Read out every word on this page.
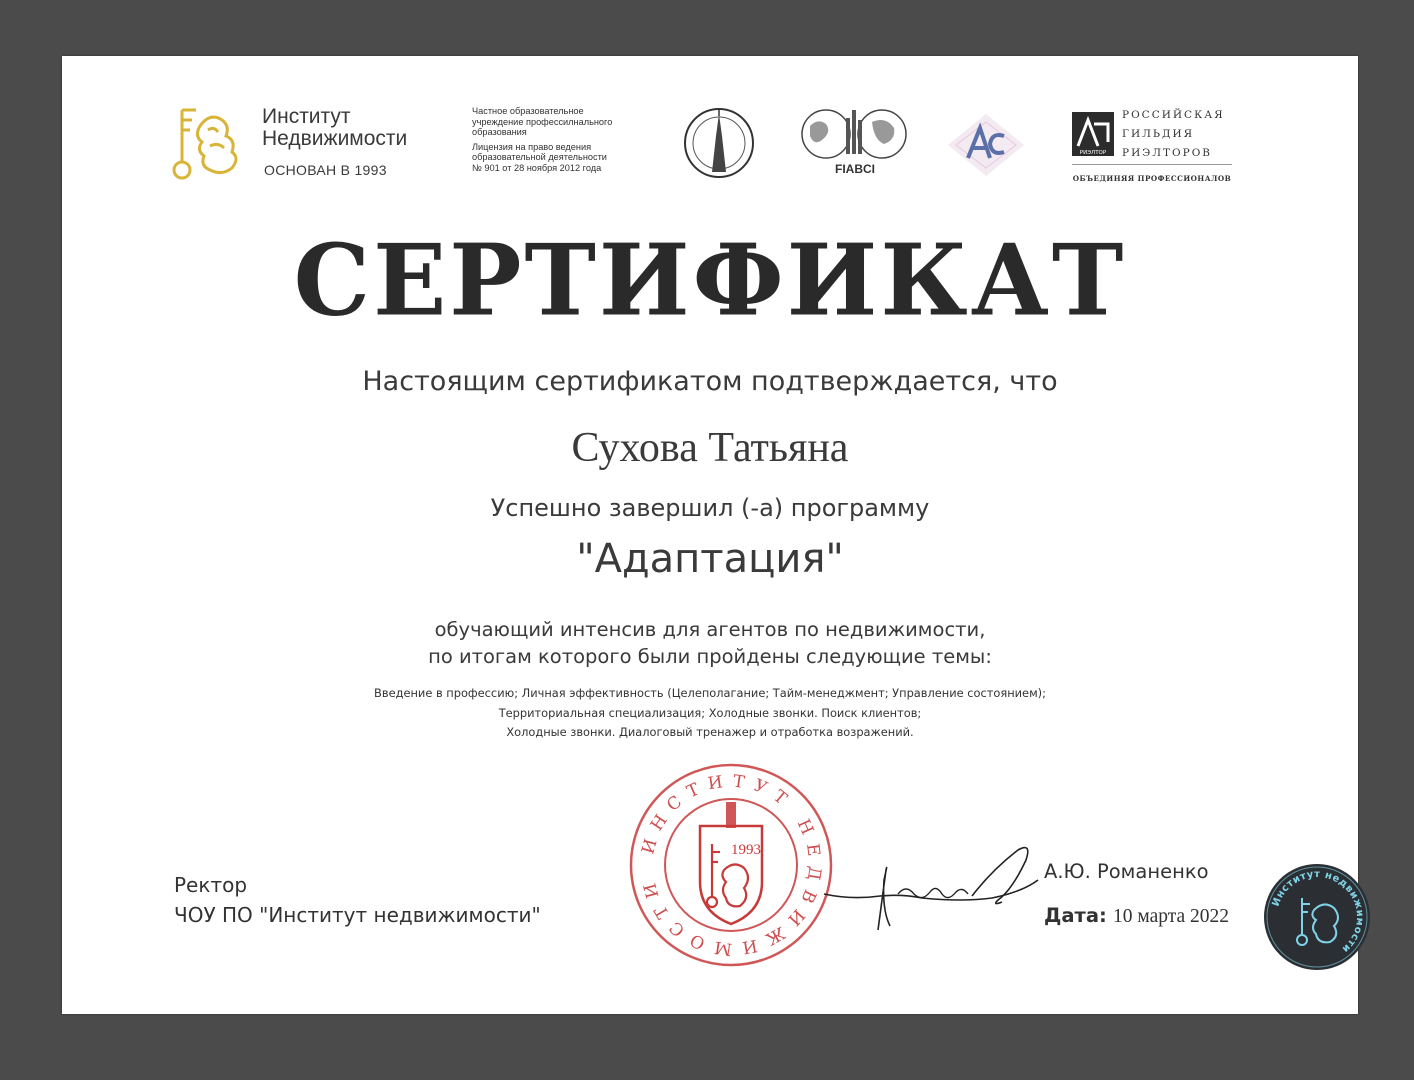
Институт
Недвижимости
ОСНОВАН В 1993
Частное образовательное
учреждение профессилнального
образования
Лицензия на право ведения
образовательной деятельности
№ 901 от 28 ноября 2012 года	FIABCI
РИЭЛТОР
РОССИЙСКАЯ
ГИЛЬДИЯ
РИЭЛТОРОВ
ОБЪЕДИНЯЯ ПРОФЕССИОНАЛОВ
СЕРТИФИКАТ
Настоящим сертификатом подтверждается, что
Сухова Татьяна
Успешно завершил (-а) программу
"Адаптация"
обучающий интенсив для агентов по недвижимости,
по итогам которого были пройдены следующие темы:
Введение в профессию; Личная эффективность (Целеполагание; Тайм-менеджмент; Управление состоянием);
Территориальная специализация; Холодные звонки. Поиск клиентов;
Холодные звонки. Диалоговый тренажер и отработка возражений.
Ректор
ЧОУ ПО "Институт недвижимости"
ИНСТИТУТ НЕДВИЖИМОСТИ
1993
А.Ю. Романенко
Дата: 10 марта 2022
Институт недвижимости
